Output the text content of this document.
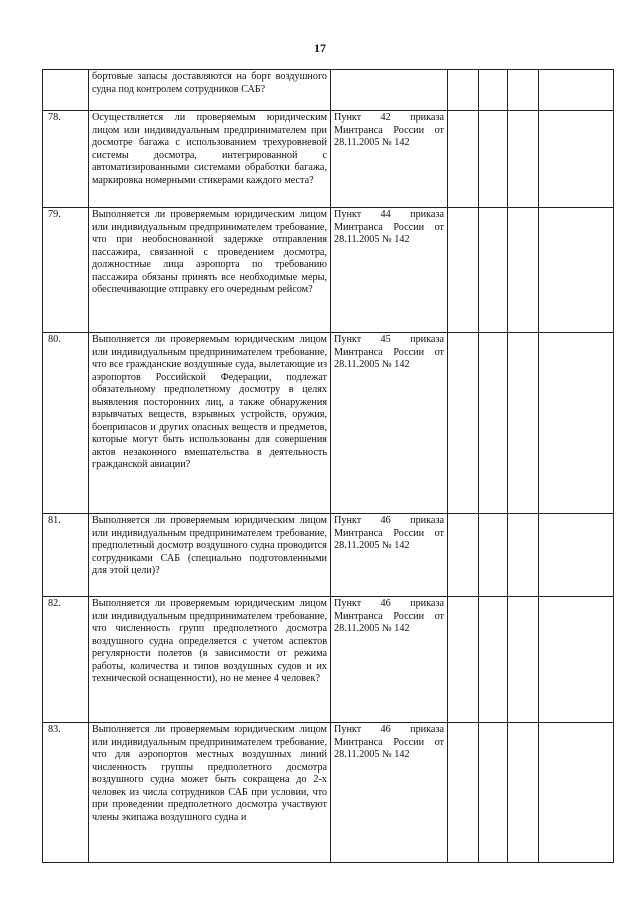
17
	бортовые запасы доставляются на борт воздушного судна под контролем сотрудников САБ?					
78.	Осуществляется ли проверяемым юридическим лицом или индивидуальным предпринимателем при досмотре багажа с использованием трехуровневой системы досмотра, интегрированной с автоматизированными системами обработки багажа, маркировка номерными стикерами каждого места?	Пункт 42 приказа Минтранса России от 28.11.2005 № 142				
79.	Выполняется ли проверяемым юридическим лицом или индивидуальным предпринимателем требование, что при необоснованной задержке отправления пассажира, связанной с проведением досмотра, должностные лица аэропорта по требованию пассажира обязаны принять все необходимые меры, обеспечивающие отправку его очередным рейсом?	Пункт 44 приказа Минтранса России от 28.11.2005 № 142				
80.	Выполняется ли проверяемым юридическим лицом или индивидуальным предпринимателем требование, что все гражданские воздушные суда, вылетающие из аэропортов Российской Федерации, подлежат обязательному предполетному досмотру в целях выявления посторонних лиц, а также обнаружения взрывчатых веществ, взрывных устройств, оружия, боеприпасов и других опасных веществ и предметов, которые могут быть использованы для совершения актов незаконного вмешательства в деятельность гражданской авиации?	Пункт 45 приказа Минтранса России от 28.11.2005 № 142				
81.	Выполняется ли проверяемым юридическим лицом или индивидуальным предпринимателем требование, предполетный досмотр воздушного судна проводится сотрудниками САБ (специально подготовленными для этой цели)?	Пункт 46 приказа Минтранса России от 28.11.2005 № 142				
82.	Выполняется ли проверяемым юридическим лицом или индивидуальным предпринимателем требование, что численность групп предполетного досмотра воздушного судна определяется с учетом аспектов регулярности полетов (в зависимости от режима работы, количества и типов воздушных судов и их технической оснащенности), но не менее 4 человек?	Пункт 46 приказа Минтранса России от 28.11.2005 № 142				
83.	Выполняется ли проверяемым юридическим лицом или индивидуальным предпринимателем требование, что для аэропортов местных воздушных линий численность группы предполетного досмотра воздушного судна может быть сокращена до 2-х человек из числа сотрудников САБ при условии, что при проведении предполетного досмотра участвуют члены экипажа воздушного судна и	Пункт 46 приказа Минтранса России от 28.11.2005 № 142				
